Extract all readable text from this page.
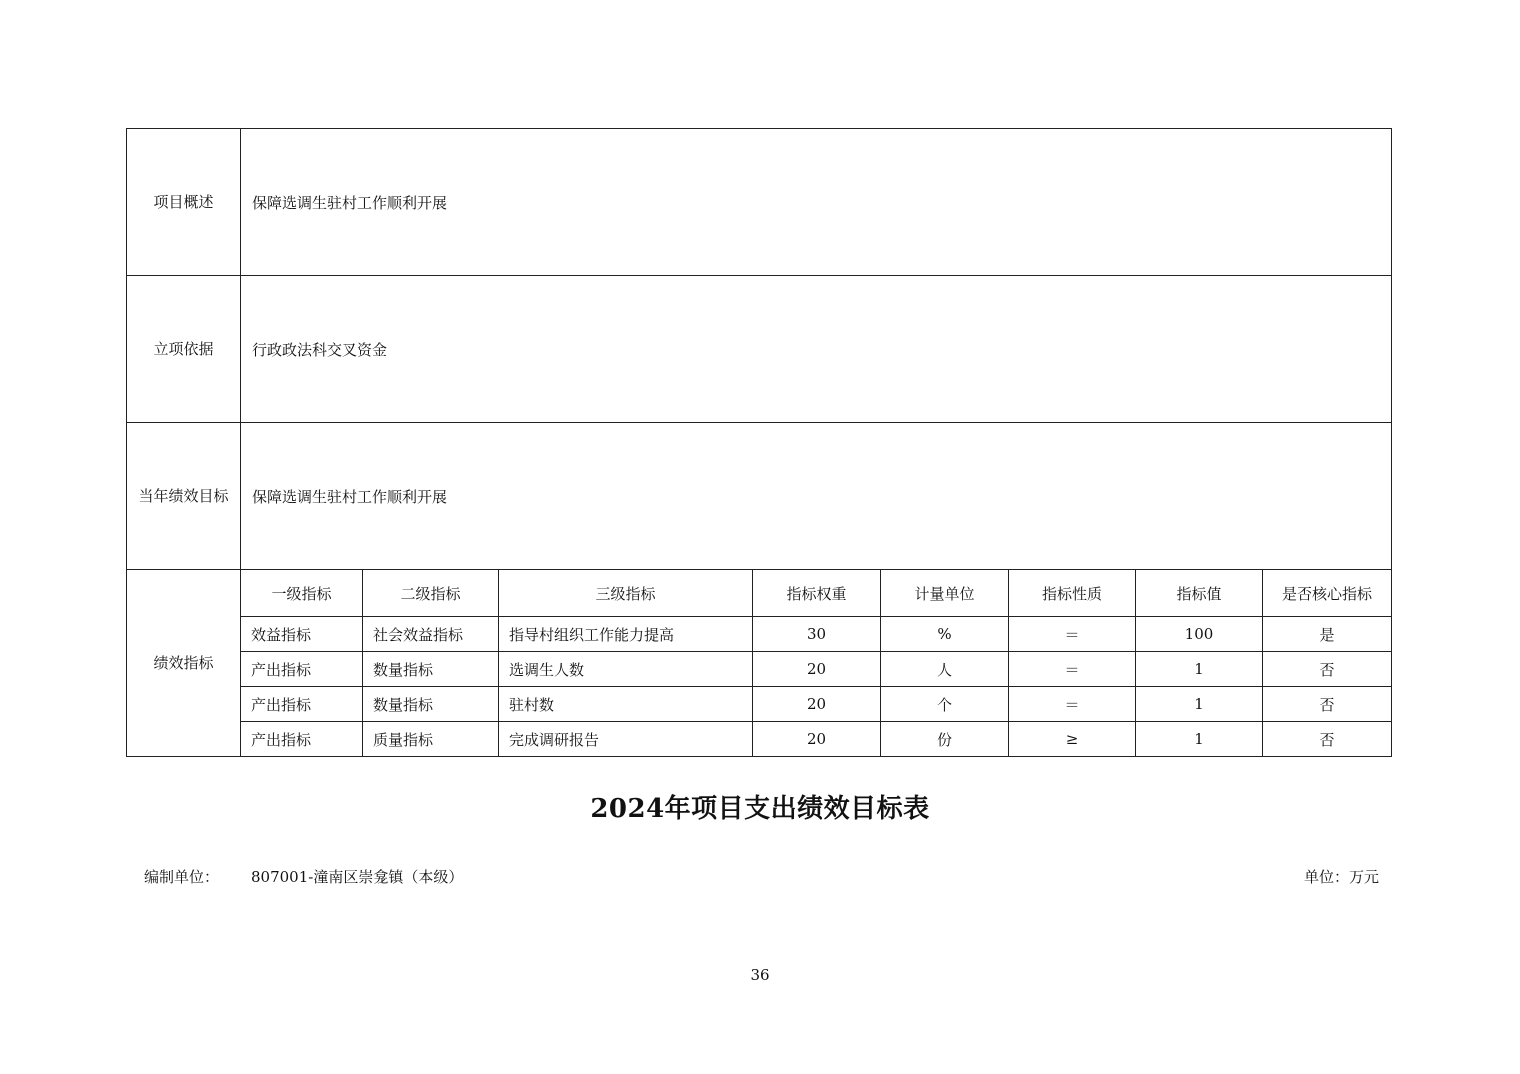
项目概述	保障选调生驻村工作顺利开展							
立项依据	行政政法科交叉资金							
当年绩效目标	保障选调生驻村工作顺利开展							
绩效指标	一级指标	二级指标	三级指标	指标权重	计量单位	指标性质	指标值	是否核心指标
	效益指标	社会效益指标	指导村组织工作能力提高	30	%	＝	100	是
	产出指标	数量指标	选调生人数	20	人	＝	1	否
	产出指标	数量指标	驻村数	20	个	＝	1	否
	产出指标	质量指标	完成调研报告	20	份	≥	1	否
2024年项目支出绩效目标表
编制单位： 807001-潼南区崇龛镇（本级）	单位：万元
36
